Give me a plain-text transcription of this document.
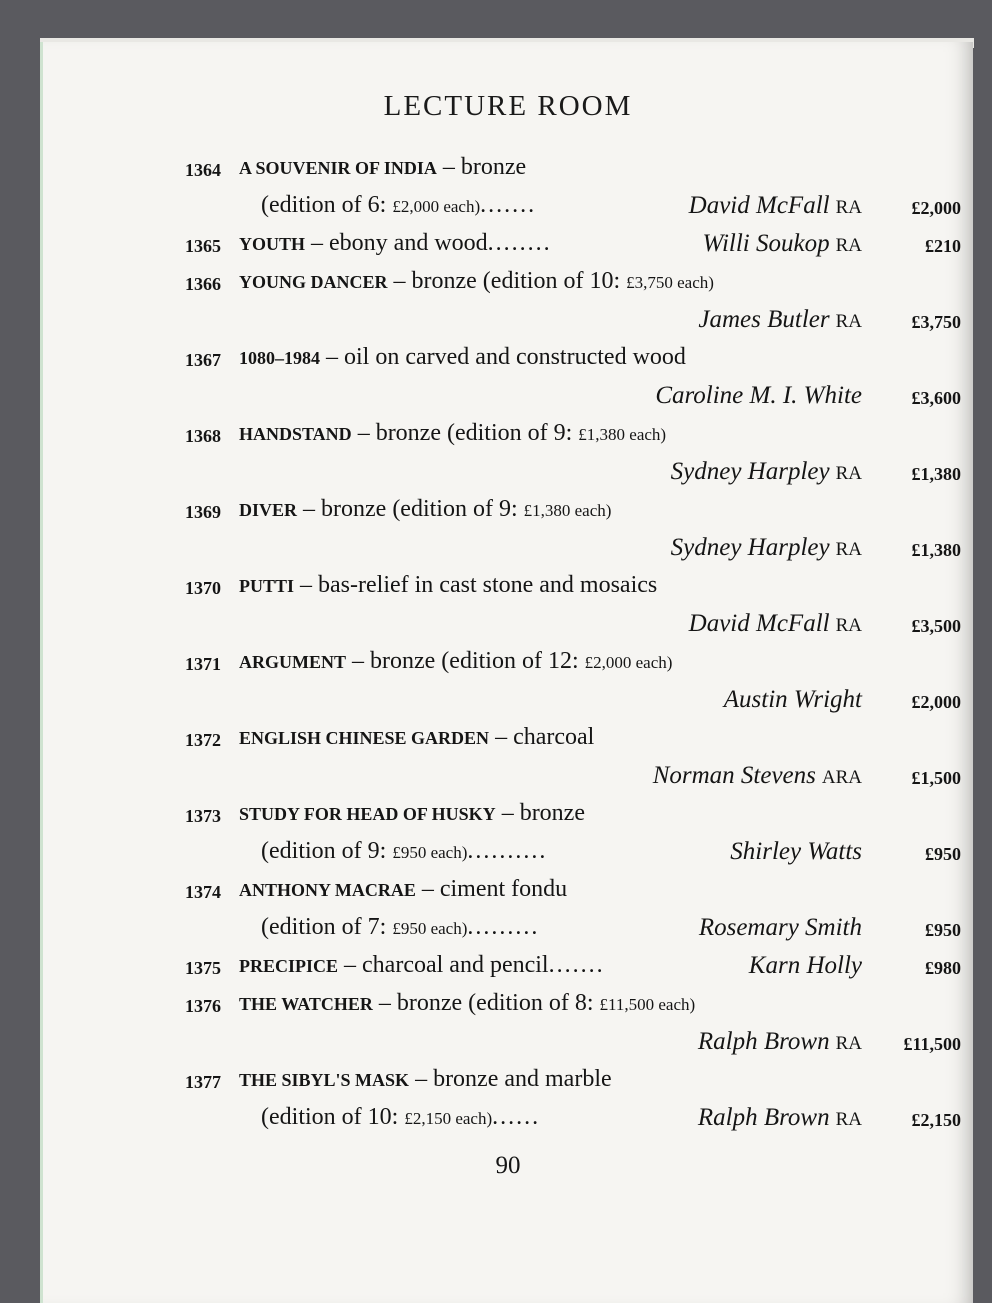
LECTURE ROOM
1364	A SOUVENIR OF INDIA – bronze
(edition of 6: £2,000 each).......	David McFall RA	£2,000
1365	YOUTH – ebony and wood........	Willi Soukop RA	£210
1366	YOUNG DANCER – bronze (edition of 10: £3,750 each)
James Butler RA	£3,750
1367	1080–1984 – oil on carved and constructed wood
Caroline M. I. White	£3,600
1368	HANDSTAND – bronze (edition of 9: £1,380 each)
Sydney Harpley RA	£1,380
1369	DIVER – bronze (edition of 9: £1,380 each)
Sydney Harpley RA	£1,380
1370	PUTTI – bas-relief in cast stone and mosaics
David McFall RA	£3,500
1371	ARGUMENT – bronze (edition of 12: £2,000 each)
Austin Wright	£2,000
1372	ENGLISH CHINESE GARDEN – charcoal
Norman Stevens ARA	£1,500
1373	STUDY FOR HEAD OF HUSKY – bronze
(edition of 9: £950 each)..........	Shirley Watts	£950
1374	ANTHONY MACRAE – ciment fondu
(edition of 7: £950 each).........	Rosemary Smith	£950
1375	PRECIPICE – charcoal and pencil.......	Karn Holly	£980
1376	THE WATCHER – bronze (edition of 8: £11,500 each)
Ralph Brown RA	£11,500
1377	THE SIBYL'S MASK – bronze and marble
(edition of 10: £2,150 each)......	Ralph Brown RA	£2,150
90
